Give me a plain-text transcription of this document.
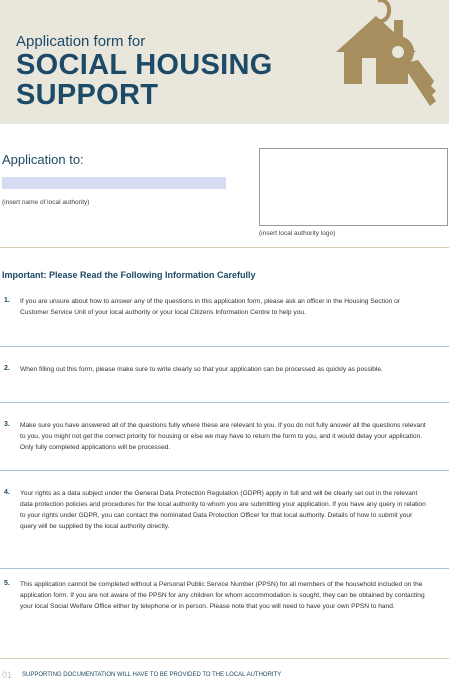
Application form for
SOCIAL HOUSING
SUPPORT
Application to:
(insert name of local authority)
(insert local authority logo)
Important: Please Read the Following Information Carefully
1. If you are unsure about how to answer any of the questions in this application form, please ask an officer in the Housing Section or Customer Service Unit of your local authority or your local Citizens Information Centre to help you.
2. When filling out this form, please make sure to write clearly so that your application can be processed as quickly as possible.
3. Make sure you have answered all of the questions fully where these are relevant to you. If you do not fully answer all the questions relevant to you, you might not get the correct priority for housing or else we may have to return the form to you, and it would delay your application. Only fully completed applications will be processed.
4. Your rights as a data subject under the General Data Protection Regulation (GDPR) apply in full and will be clearly set out in the relevant data protection policies and procedures for the local authority to whom you are submitting your application. If you have any query in relation to your rights under GDPR, you can contact the nominated Data Protection Officer for that local authority. Details of how to submit your query will be supplied by the local authority directly.
5. This application cannot be completed without a Personal Public Service Number (PPSN) for all members of the household included on the application form. If you are not aware of the PPSN for any children for whom accommodation is sought, they can be obtained by contacting your local Social Welfare Office either by telephone or in person. Please note that you will need to have your own PPSN to hand.
01 SUPPORTING DOCUMENTATION WILL HAVE TO BE PROVIDED TO THE LOCAL AUTHORITY
